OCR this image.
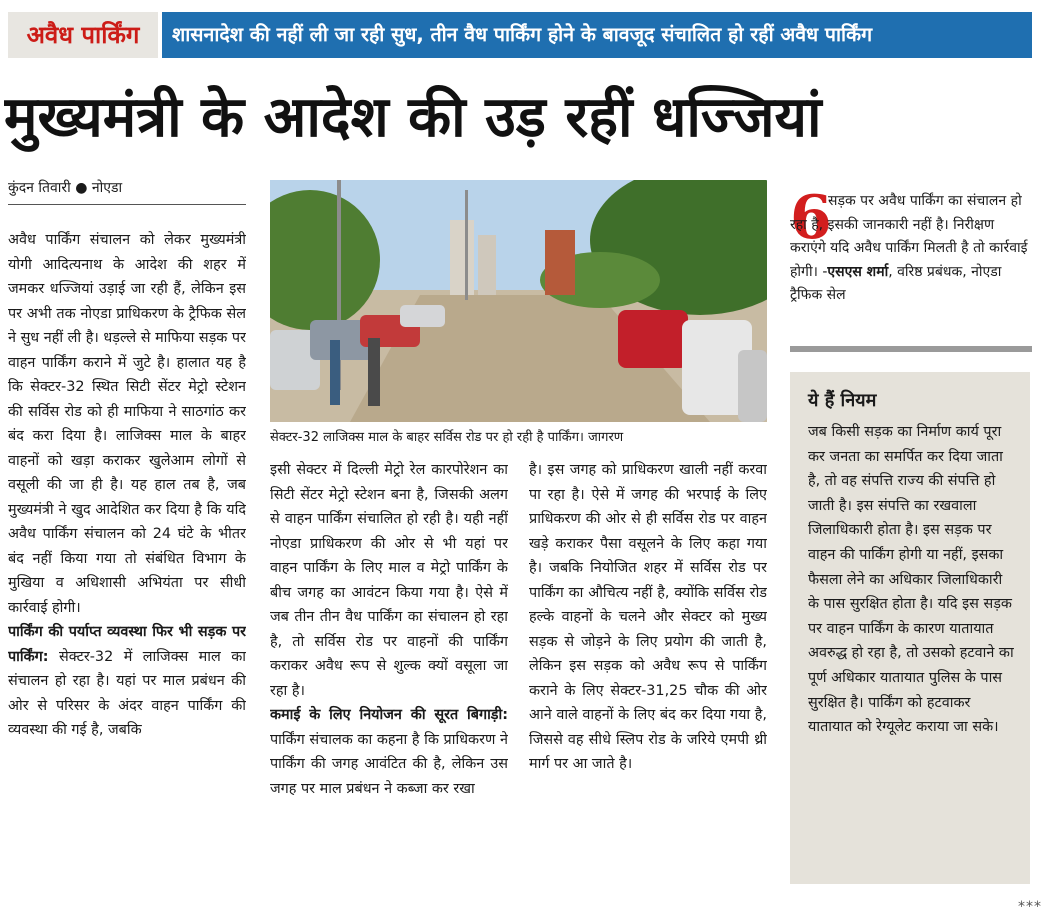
अवैध पार्किंग	शासनादेश की नहीं ली जा रही सुध, तीन वैध पार्किंग होने के बावजूद संचालित हो रहीं अवैध पार्किंग
मुख्यमंत्री के आदेश की उड़ रहीं धज्जियां
कुंदन तिवारी ● नोएडा

अवैध पार्किंग संचालन को लेकर मुख्यमंत्री योगी आदित्यनाथ के आदेश की शहर में जमकर धज्जियां उड़ाई जा रही हैं, लेकिन इस पर अभी तक नोएडा प्राधिकरण के ट्रैफिक सेल ने सुध नहीं ली है। धड़ल्ले से माफिया सड़क पर वाहन पार्किंग कराने में जुटे है। हालात यह है कि सेक्टर-32 स्थित सिटी सेंटर मेट्रो स्टेशन की सर्विस रोड को ही माफिया ने साठगांठ कर बंद करा दिया है। लाजिक्स माल के बाहर वाहनों को खड़ा कराकर खुलेआम लोगों से वसूली की जा ही है। यह हाल तब है, जब मुख्यमंत्री ने खुद आदेशित कर दिया है कि यदि अवैध पार्किंग संचालन को 24 घंटे के भीतर बंद नहीं किया गया तो संबंधित विभाग के मुखिया व अधिशासी अभियंता पर सीधी कार्रवाई होगी।

पार्किंग की पर्याप्त व्यवस्था फिर भी सड़क पर पार्किंग: सेक्टर-32 में लाजिक्स माल का संचालन हो रहा है। यहां पर माल प्रबंधन की ओर से परिसर के अंदर वाहन पार्किंग की व्यवस्था की गई है, जबकि

सेक्टर-32 लाजिक्स माल के बाहर सर्विस रोड पर हो रही है पार्किंग। जागरण

इसी सेक्टर में दिल्ली मेट्रो रेल कारपोरेशन का सिटी सेंटर मेट्रो स्टेशन बना है, जिसकी अलग से वाहन पार्किंग संचालित हो रही है। यही नहीं नोएडा प्राधिकरण की ओर से भी यहां पर वाहन पार्किंग के लिए माल व मेट्रो पार्किंग के बीच जगह का आवंटन किया गया है। ऐसे में जब तीन तीन वैध पार्किंग का संचालन हो रहा है, तो सर्विस रोड पर वाहनों की पार्किंग कराकर अवैध रूप से शुल्क क्यों वसूला जा रहा है।

कमाई के लिए नियोजन की सूरत बिगाड़ी: पार्किंग संचालक का कहना है कि प्राधिकरण ने पार्किंग की जगह आवंटित की है, लेकिन उस जगह पर माल प्रबंधन ने कब्जा कर रखा

है। इस जगह को प्राधिकरण खाली नहीं करवा पा रहा है। ऐसे में जगह की भरपाई के लिए प्राधिकरण की ओर से ही सर्विस रोड पर वाहन खड़े कराकर पैसा वसूलने के लिए कहा गया है। जबकि नियोजित शहर में सर्विस रोड पर पार्किंग का औचित्य नहीं है, क्योंकि सर्विस रोड हल्के वाहनों के चलने और सेक्टर को मुख्य सड़क से जोड़ने के लिए प्रयोग की जाती है, लेकिन इस सड़क को अवैध रूप से पार्किंग कराने के लिए सेक्टर-31,25 चौक की ओर आने वाले वाहनों के लिए बंद कर दिया गया है, जिससे वह सीधे स्लिप रोड के जरिये एमपी थ्री मार्ग पर आ जाते है।

6
सड़क पर अवैध पार्किंग का संचालन हो रहा है, इसकी जानकारी नहीं है। निरीक्षण कराएंगे यदि अवैध पार्किंग मिलती है तो कार्रवाई होगी। -एसएस शर्मा, वरिष्ठ प्रबंधक, नोएडा ट्रैफिक सेल
ये हैं नियम
जब किसी सड़क का निर्माण कार्य पूरा कर जनता का समर्पित कर दिया जाता है, तो वह संपत्ति राज्य की संपत्ति हो जाती है। इस संपत्ति का रखवाला जिलाधिकारी होता है। इस सड़क पर वाहन की पार्किंग होगी या नहीं, इसका फैसला लेने का अधिकार जिलाधिकारी के पास सुरक्षित होता है। यदि इस सड़क पर वाहन पार्किंग के कारण यातायात अवरुद्ध हो रहा है, तो उसको हटवाने का पूर्ण अधिकार यातायात पुलिस के पास सुरक्षित है। पार्किंग को हटवाकर यातायात को रेग्यूलेट कराया जा सके।
***
